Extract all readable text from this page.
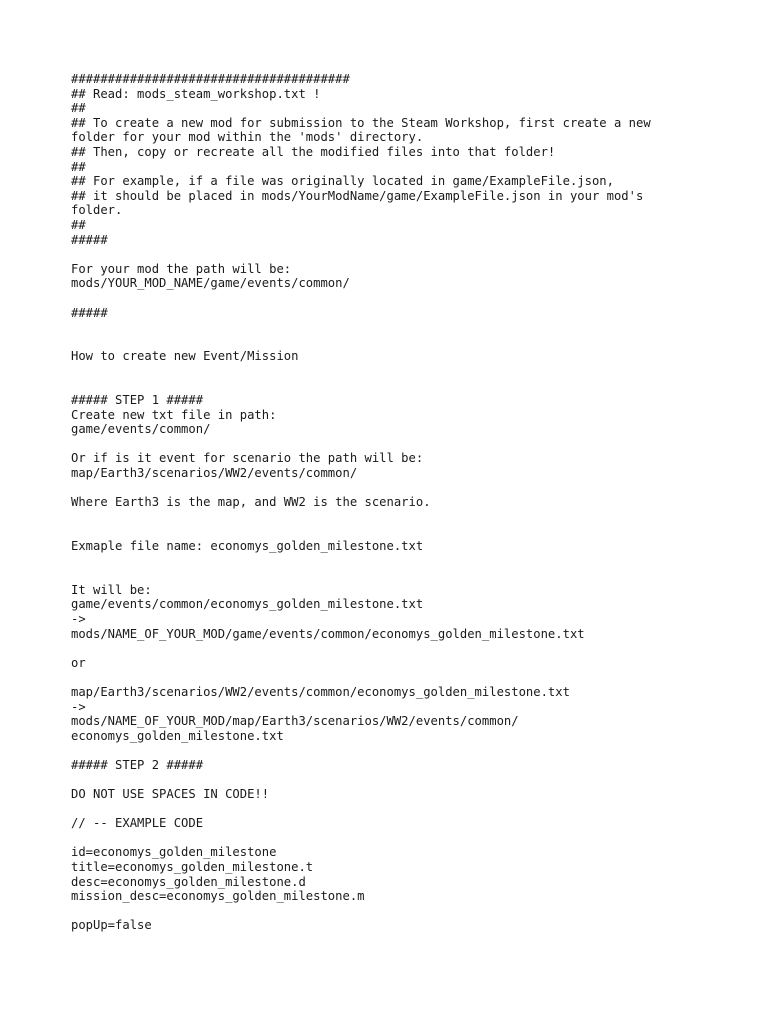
######################################
## Read: mods_steam_workshop.txt !
##
## To create a new mod for submission to the Steam Workshop, first create a new
folder for your mod within the 'mods' directory.
## Then, copy or recreate all the modified files into that folder!
##
## For example, if a file was originally located in game/ExampleFile.json,
## it should be placed in mods/YourModName/game/ExampleFile.json in your mod's
folder.
##
#####
For your mod the path will be:
mods/YOUR_MOD_NAME/game/events/common/
#####
How to create new Event/Mission
##### STEP 1 #####
Create new txt file in path:
game/events/common/
Or if is it event for scenario the path will be:
map/Earth3/scenarios/WW2/events/common/
Where Earth3 is the map, and WW2 is the scenario.
Exmaple file name: economys_golden_milestone.txt
It will be:
game/events/common/economys_golden_milestone.txt
->
mods/NAME_OF_YOUR_MOD/game/events/common/economys_golden_milestone.txt
or
map/Earth3/scenarios/WW2/events/common/economys_golden_milestone.txt
->
mods/NAME_OF_YOUR_MOD/map/Earth3/scenarios/WW2/events/common/
economys_golden_milestone.txt
##### STEP 2 #####
DO NOT USE SPACES IN CODE!!
// -- EXAMPLE CODE
id=economys_golden_milestone
title=economys_golden_milestone.t
desc=economys_golden_milestone.d
mission_desc=economys_golden_milestone.m
popUp=false
